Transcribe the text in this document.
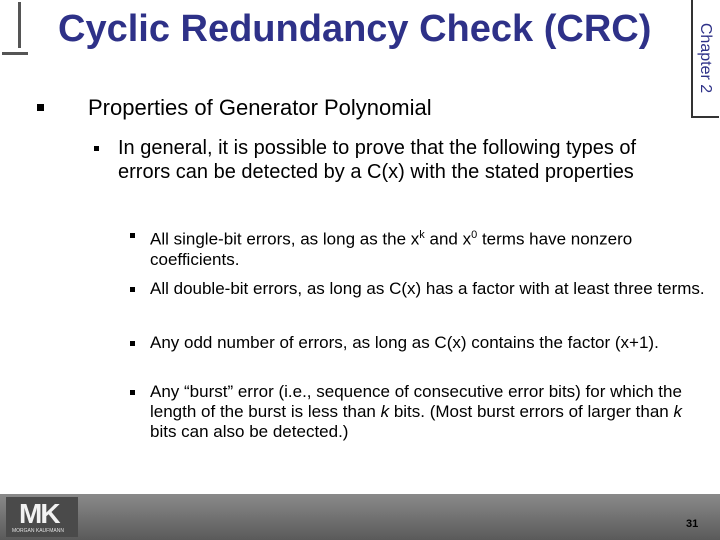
Cyclic Redundancy Check (CRC)	Chapter 2
Properties of Generator Polynomial
In general, it is possible to prove that the following types of errors can be detected by a C(x) with the stated properties
All single-bit errors, as long as the $x^k$ and $x^0$ terms have nonzero coefficients.
All double-bit errors, as long as C(x) has a factor with at least three terms.
Any odd number of errors, as long as C(x) contains the factor (x+1).
Any “burst” error (i.e., sequence of consecutive error bits) for which the length of the burst is less than k bits. (Most burst errors of larger than k bits can also be detected.)
MK
MORGAN KAUFMANN
31
